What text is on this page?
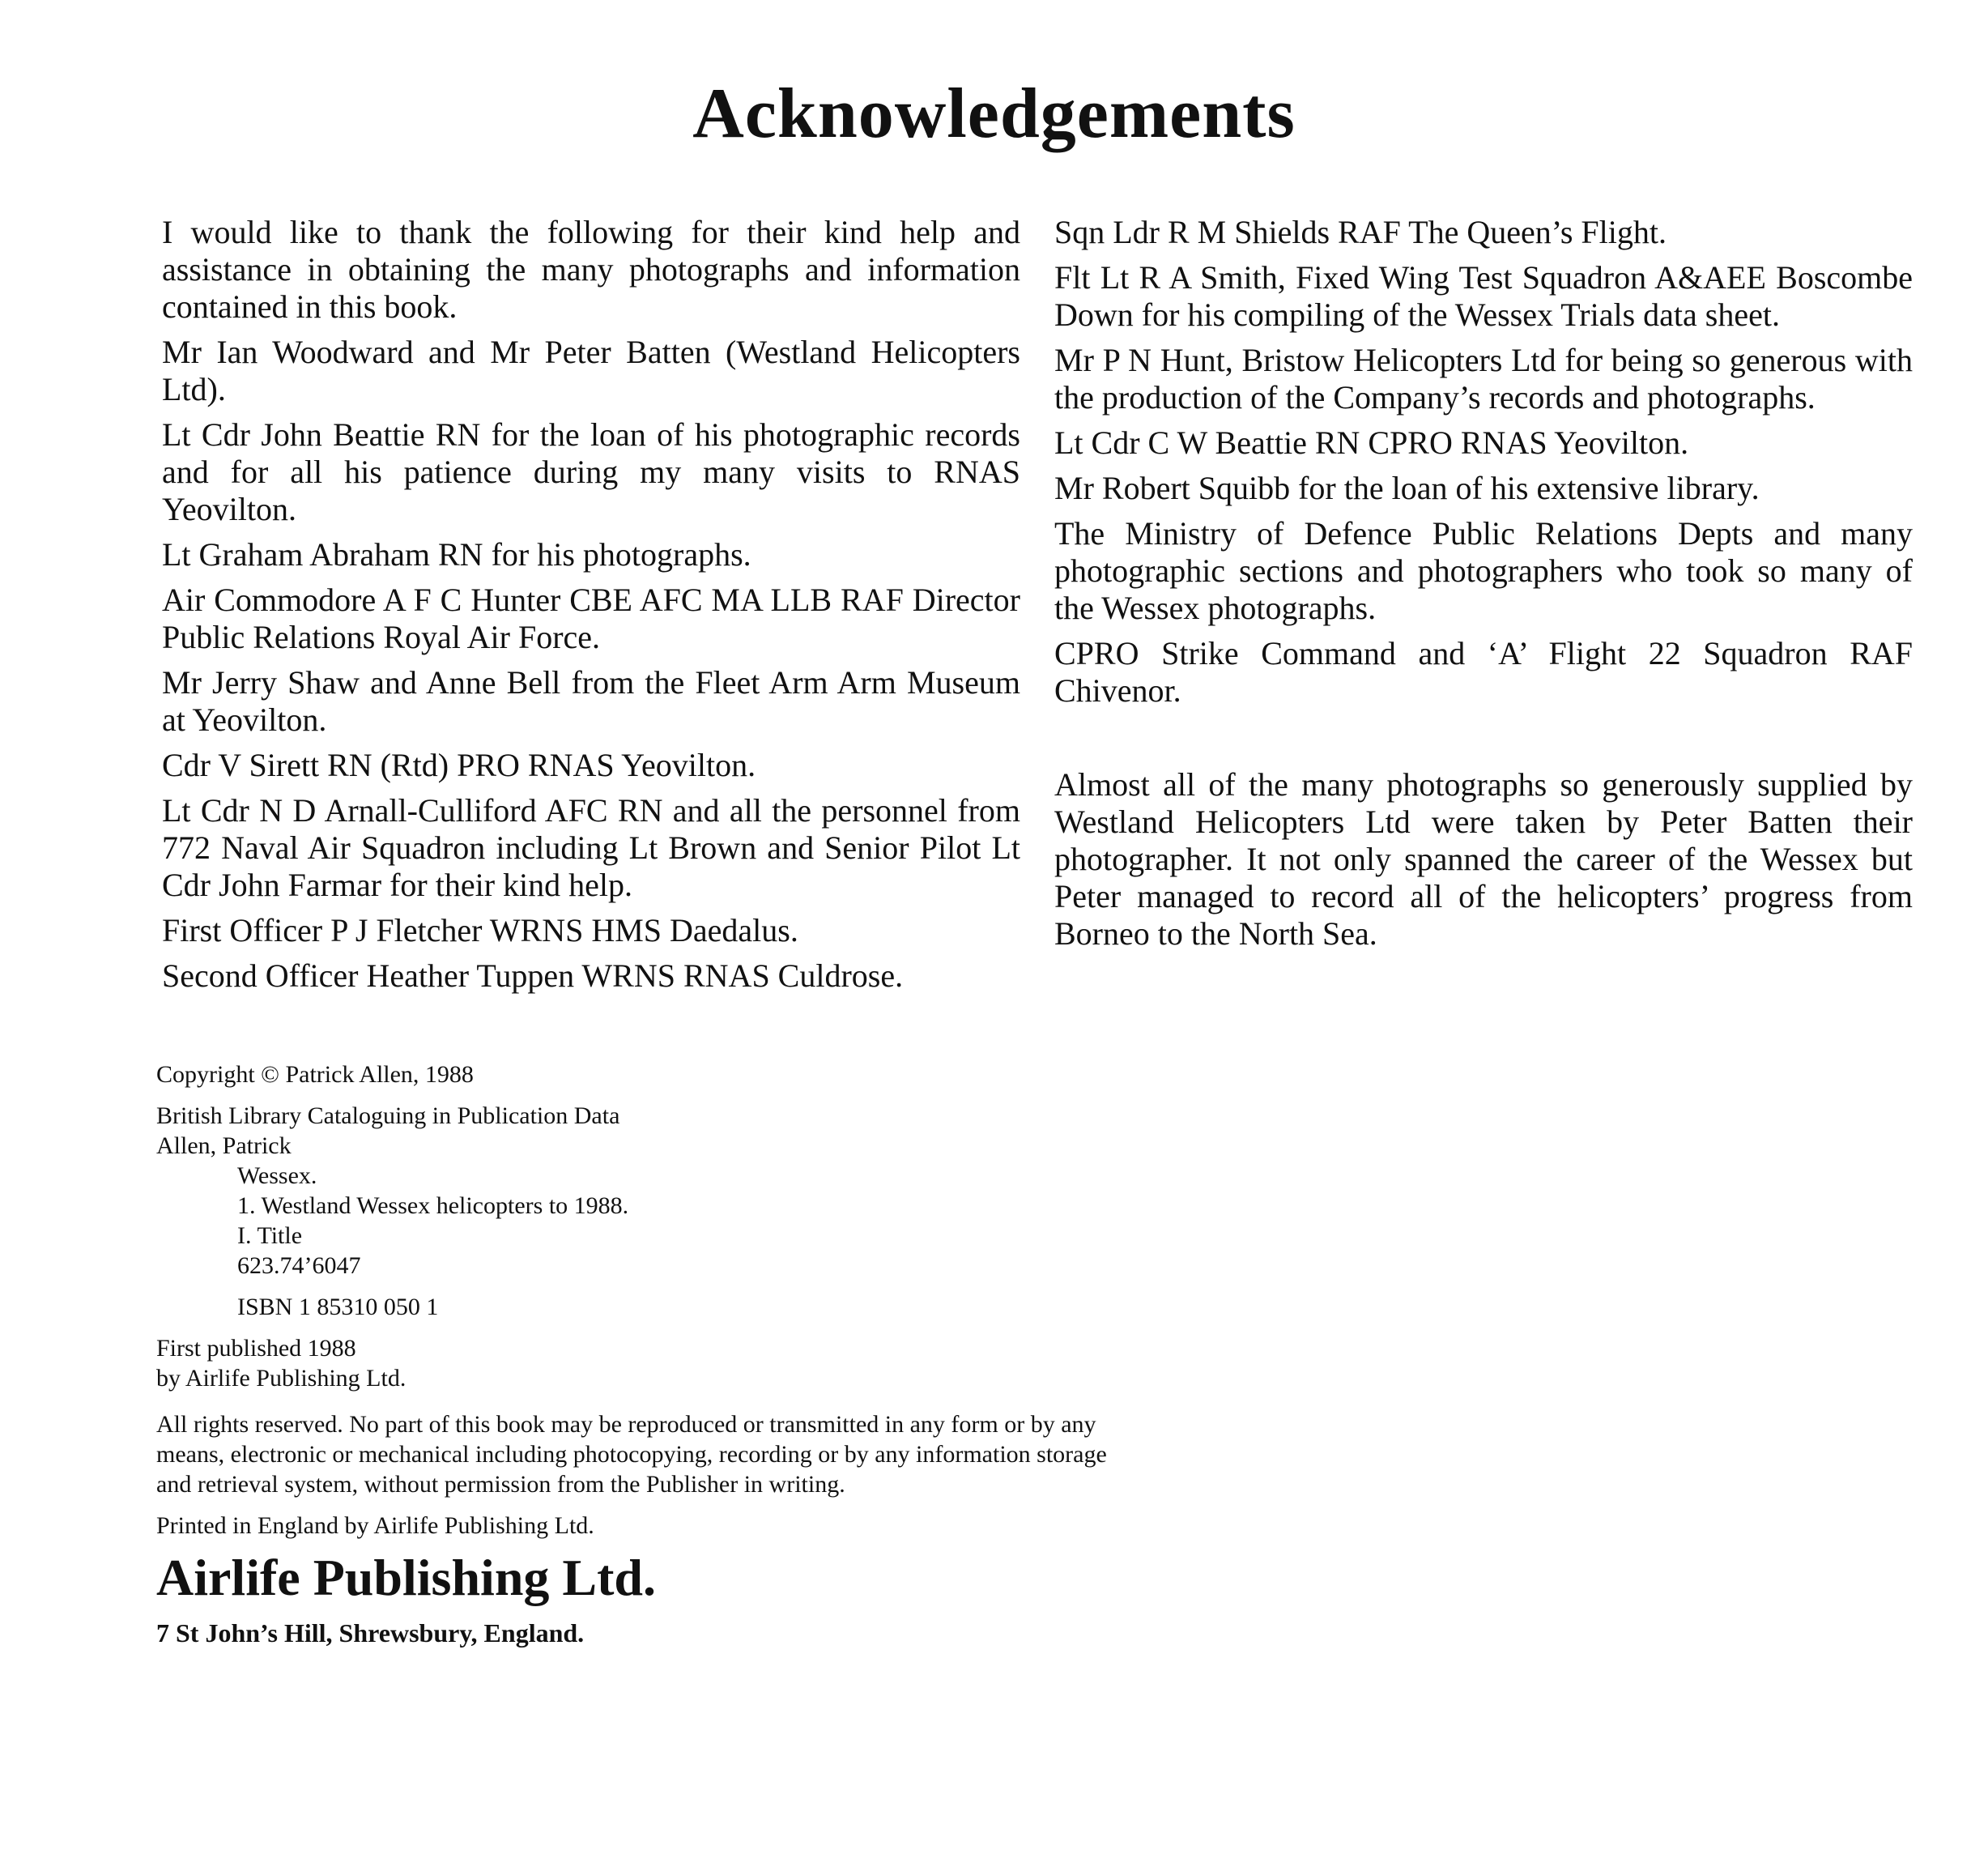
Acknowledgements

I would like to thank the following for their kind help and assistance in obtaining the many photographs and information contained in this book.

Mr Ian Woodward and Mr Peter Batten (Westland Helicopters Ltd).

Lt Cdr John Beattie RN for the loan of his photographic records and for all his patience during my many visits to RNAS Yeovilton.

Lt Graham Abraham RN for his photographs.

Air Commodore A F C Hunter CBE AFC MA LLB RAF Director Public Relations Royal Air Force.

Mr Jerry Shaw and Anne Bell from the Fleet Arm Arm Museum at Yeovilton.

Cdr V Sirett RN (Rtd) PRO RNAS Yeovilton.

Lt Cdr N D Arnall-Culliford AFC RN and all the personnel from 772 Naval Air Squadron including Lt Brown and Senior Pilot Lt Cdr John Farmar for their kind help.

First Officer P J Fletcher WRNS HMS Daedalus.

Second Officer Heather Tuppen WRNS RNAS Culdrose.

Sqn Ldr R M Shields RAF The Queen’s Flight.

Flt Lt R A Smith, Fixed Wing Test Squadron A&AEE Boscombe Down for his compiling of the Wessex Trials data sheet.

Mr P N Hunt, Bristow Helicopters Ltd for being so generous with the production of the Company’s records and photographs.

Lt Cdr C W Beattie RN CPRO RNAS Yeovilton.

Mr Robert Squibb for the loan of his extensive library.

The Ministry of Defence Public Relations Depts and many photographic sections and photographers who took so many of the Wessex photographs.

CPRO Strike Command and ‘A’ Flight 22 Squadron RAF Chivenor.

Almost all of the many photographs so generously supplied by Westland Helicopters Ltd were taken by Peter Batten their photographer. It not only spanned the career of the Wessex but Peter managed to record all of the helicopters’ progress from Borneo to the North Sea.

Copyright © Patrick Allen, 1988
British Library Cataloguing in Publication Data
Allen, Patrick
Wessex.
1. Westland Wessex helicopters to 1988.
I. Title
623.74’6047
ISBN 1 85310 050 1
First published 1988
by Airlife Publishing Ltd.
All rights reserved. No part of this book may be reproduced or transmitted in any form or by any means, electronic or mechanical including photocopying, recording or by any information storage and retrieval system, without permission from the Publisher in writing.
Printed in England by Airlife Publishing Ltd.
Airlife Publishing Ltd.
7 St John’s Hill, Shrewsbury, England.
